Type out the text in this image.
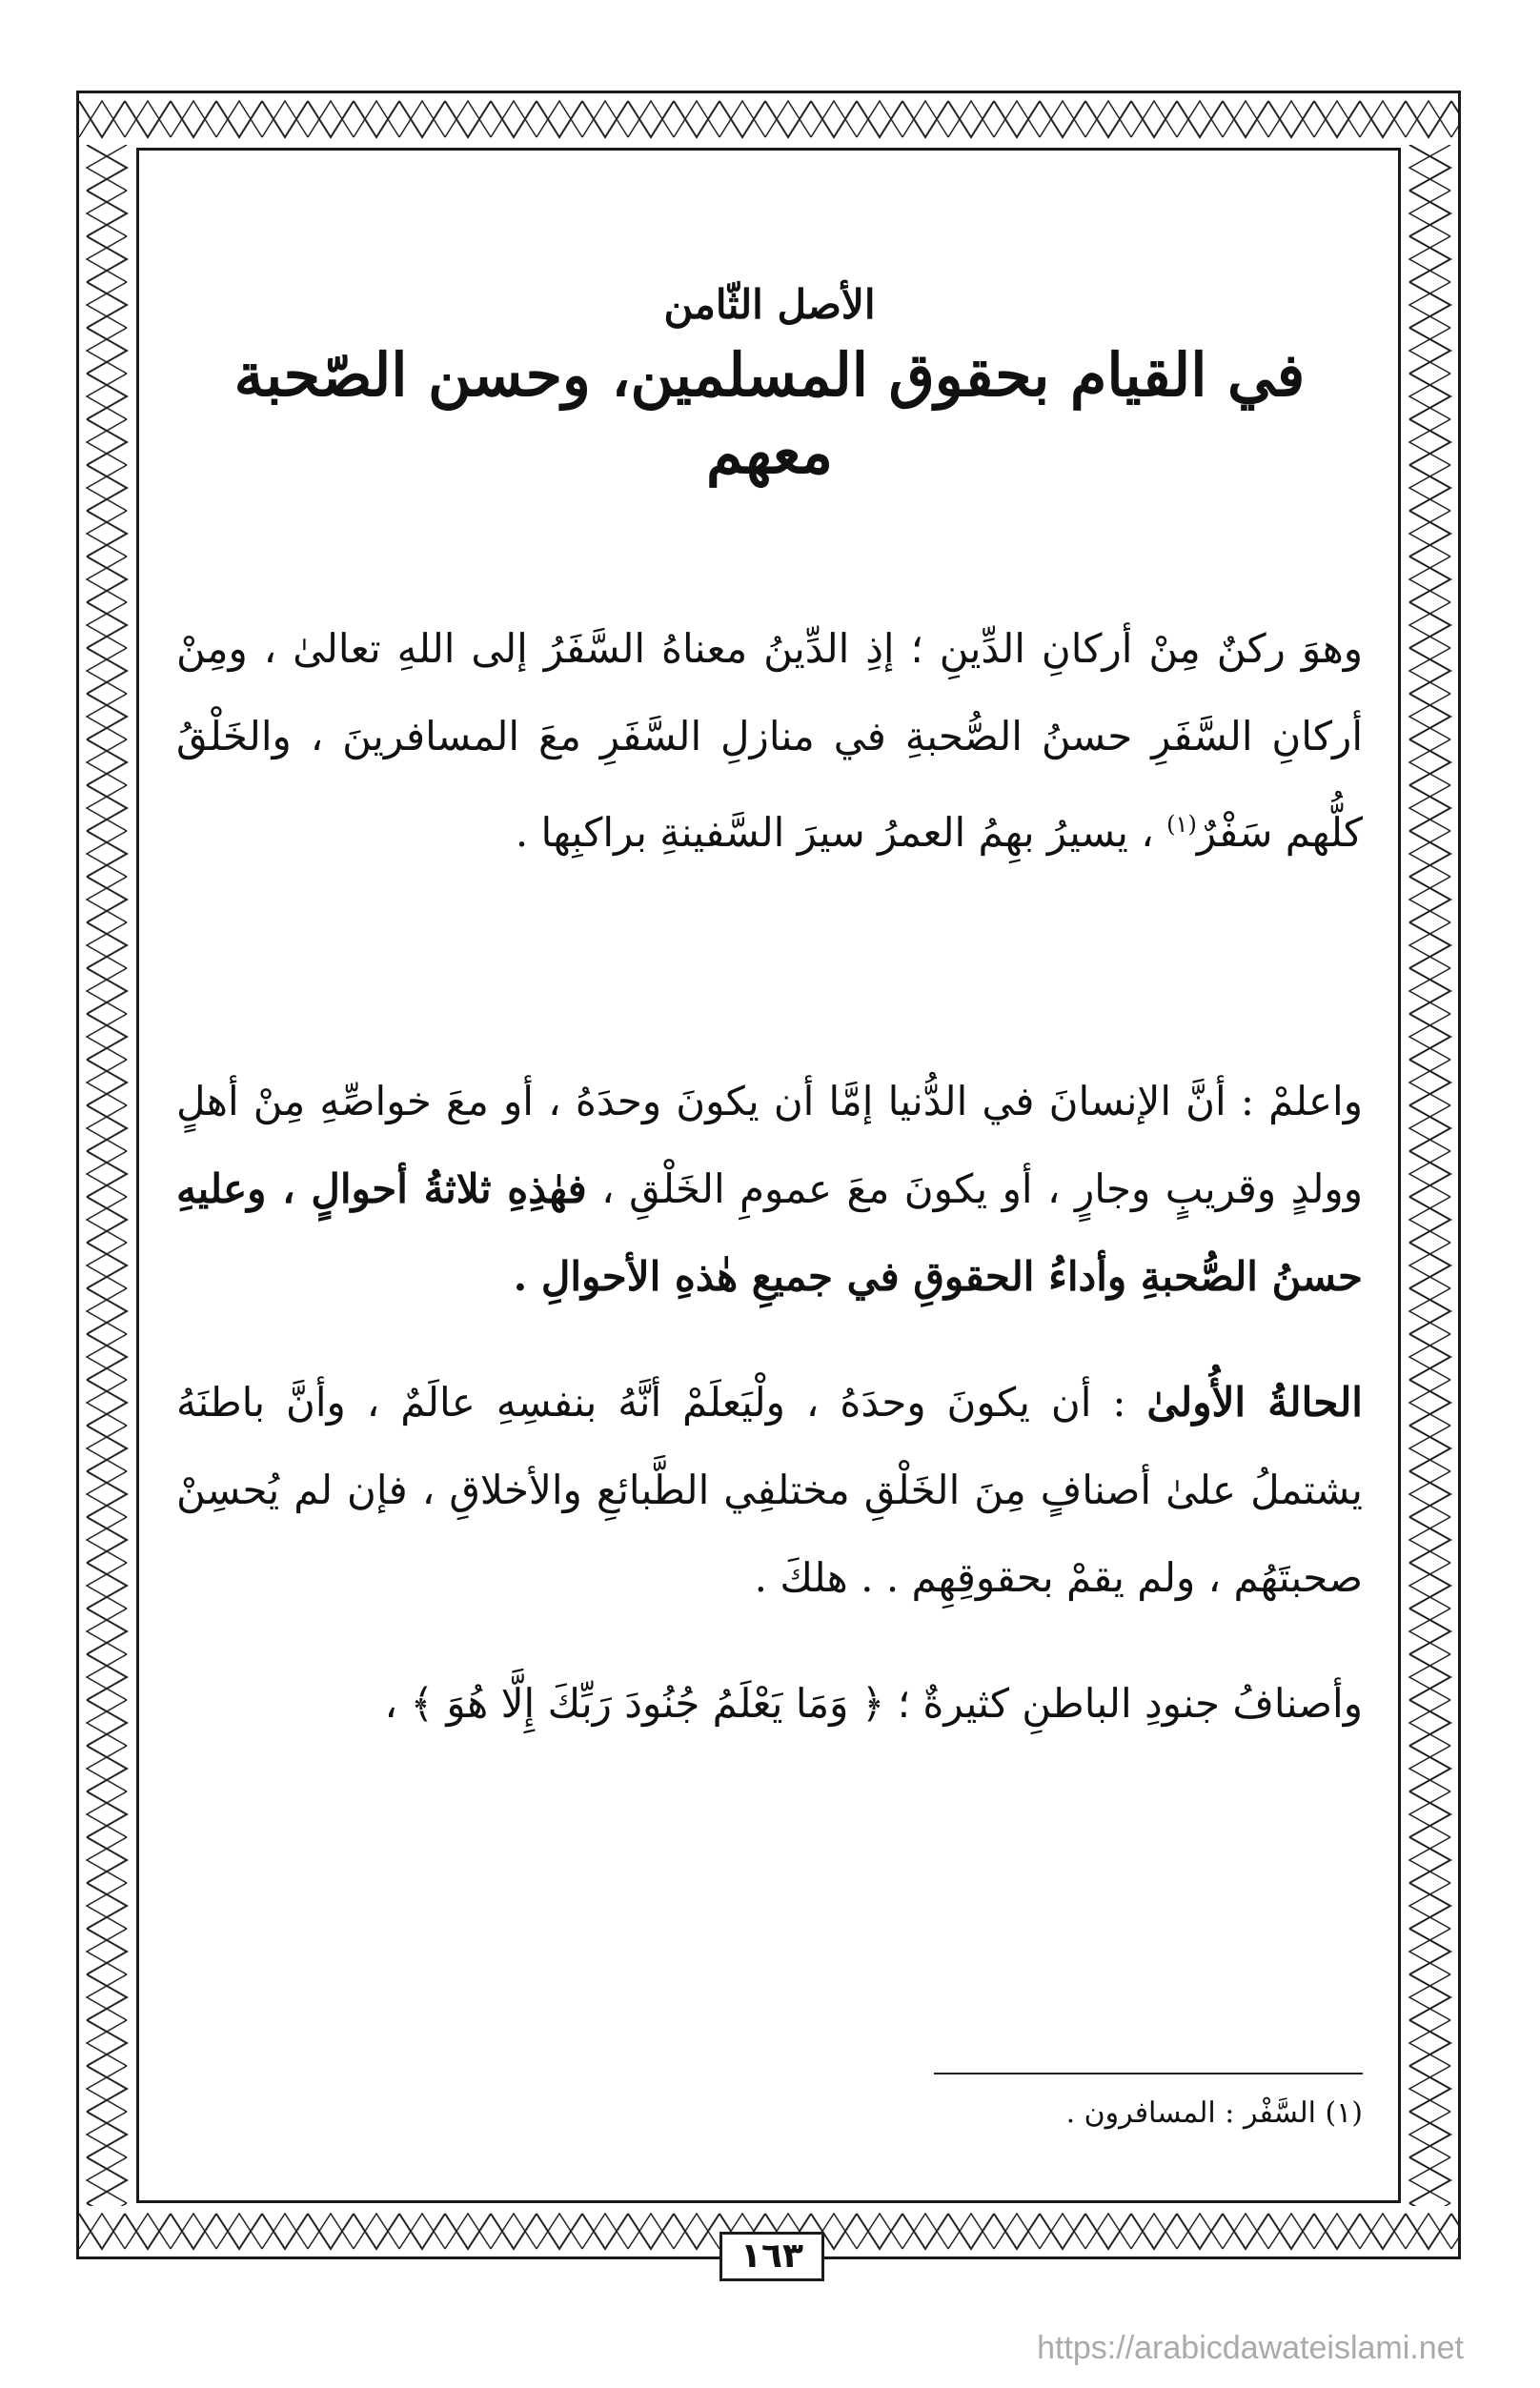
الأصل الثّامن
في القيام بحقوق المسلمين، وحسن الصّحبة معهم

وهوَ ركنٌ مِنْ أركانِ الدِّينِ ؛ إذِ الدِّينُ معناهُ السَّفَرُ إلى اللهِ تعالىٰ ، ومِنْ أركانِ السَّفَرِ حسنُ الصُّحبةِ في منازلِ السَّفَرِ معَ المسافرينَ ، والخَلْقُ كلُّهم سَفْرٌ$^{(١)}$ ، يسيرُ بهِمُ العمرُ سيرَ السَّفينةِ براكبِها .

واعلمْ : أنَّ الإنسانَ في الدُّنيا إمَّا أن يكونَ وحدَهُ ، أو معَ خواصِّهِ مِنْ أهلٍ وولدٍ وقريبٍ وجارٍ ، أو يكونَ معَ عمومِ الخَلْقِ ، فهٰذِهِ ثلاثةُ أحوالٍ ، وعليهِ حسنُ الصُّحبةِ وأداءُ الحقوقِ في جميعِ هٰذهِ الأحوالِ .

الحالةُ الأُولىٰ : أن يكونَ وحدَهُ ، ولْيَعلَمْ أنَّهُ بنفسِهِ عالَمٌ ، وأنَّ باطنَهُ يشتملُ علىٰ أصنافٍ مِنَ الخَلْقِ مختلفِي الطَّبائعِ والأخلاقِ ، فإن لم يُحسِنْ صحبتَهُم ، ولم يقمْ بحقوقِهِم . . هلكَ .

وأصنافُ جنودِ الباطنِ كثيرةٌ ؛ ﴿ وَمَا يَعْلَمُ جُنُودَ رَبِّكَ إِلَّا هُوَ ﴾ ،

(١) السَّفْر : المسافرون .
١٦٣
https://arabicdawateislami.net
